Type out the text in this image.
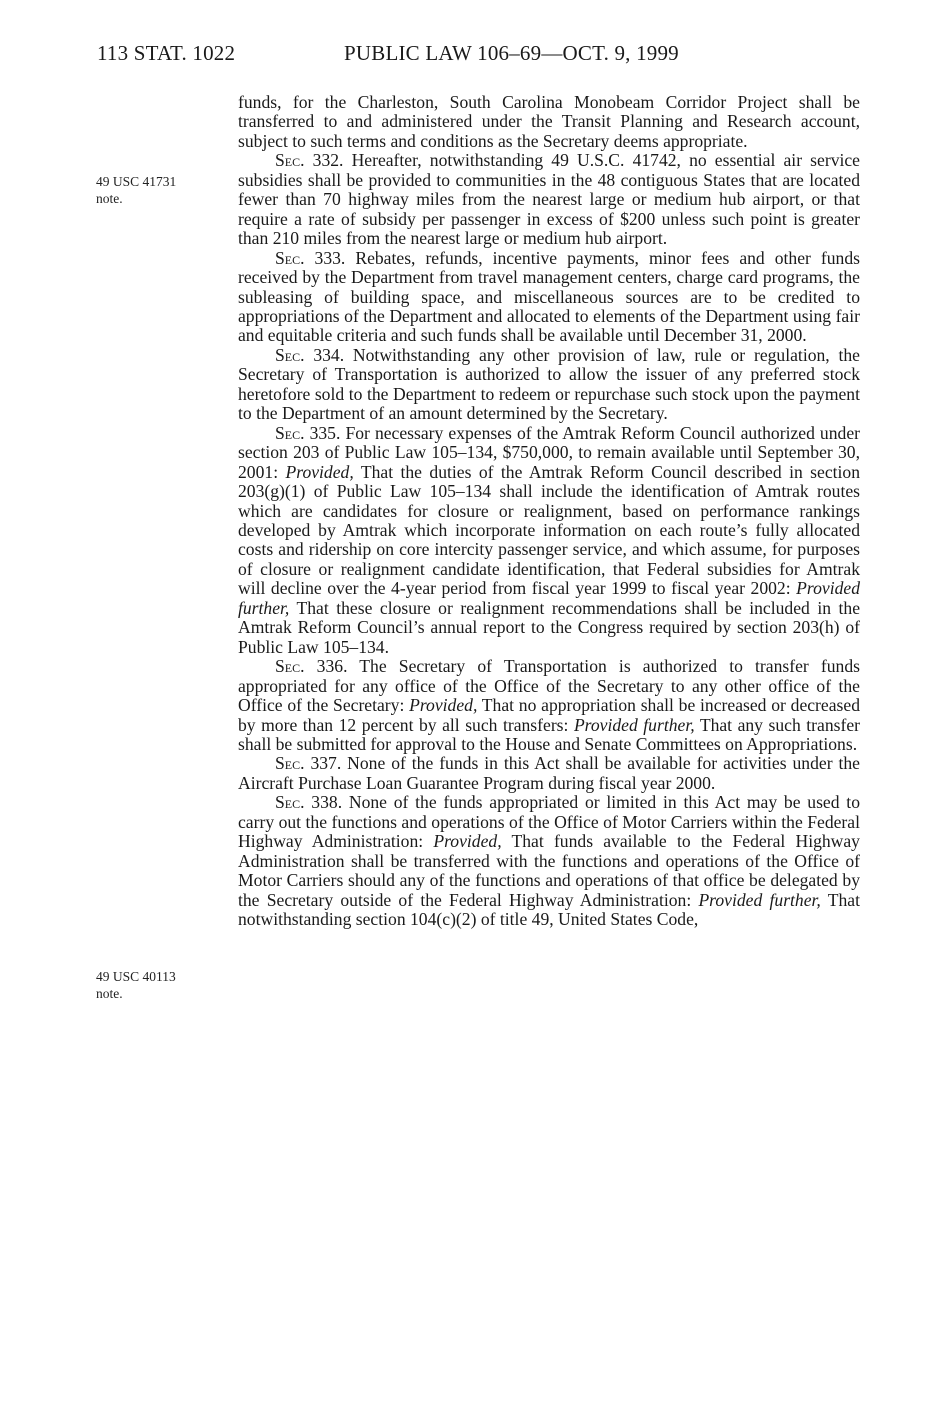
113 STAT. 1022	PUBLIC LAW 106–69—OCT. 9, 1999
49 USC 41731
note.
49 USC 40113
note.

funds, for the Charleston, South Carolina Monobeam Corridor Project shall be transferred to and administered under the Transit Planning and Research account, subject to such terms and conditions as the Secretary deems appropriate.

Sec. 332. Hereafter, notwithstanding 49 U.S.C. 41742, no essential air service subsidies shall be provided to communities in the 48 contiguous States that are located fewer than 70 highway miles from the nearest large or medium hub airport, or that require a rate of subsidy per passenger in excess of $200 unless such point is greater than 210 miles from the nearest large or medium hub airport.

Sec. 333. Rebates, refunds, incentive payments, minor fees and other funds received by the Department from travel management centers, charge card programs, the subleasing of building space, and miscellaneous sources are to be credited to appropriations of the Department and allocated to elements of the Department using fair and equitable criteria and such funds shall be available until December 31, 2000.

Sec. 334. Notwithstanding any other provision of law, rule or regulation, the Secretary of Transportation is authorized to allow the issuer of any preferred stock heretofore sold to the Department to redeem or repurchase such stock upon the payment to the Department of an amount determined by the Secretary.

Sec. 335. For necessary expenses of the Amtrak Reform Council authorized under section 203 of Public Law 105–134, $750,000, to remain available until September 30, 2001: Provided, That the duties of the Amtrak Reform Council described in section 203(g)(1) of Public Law 105–134 shall include the identification of Amtrak routes which are candidates for closure or realignment, based on performance rankings developed by Amtrak which incorporate information on each route’s fully allocated costs and ridership on core intercity passenger service, and which assume, for purposes of closure or realignment candidate identification, that Federal subsidies for Amtrak will decline over the 4-year period from fiscal year 1999 to fiscal year 2002: Provided further, That these closure or realignment recommendations shall be included in the Amtrak Reform Council’s annual report to the Congress required by section 203(h) of Public Law 105–134.

Sec. 336. The Secretary of Transportation is authorized to transfer funds appropriated for any office of the Office of the Secretary to any other office of the Office of the Secretary: Provided, That no appropriation shall be increased or decreased by more than 12 percent by all such transfers: Provided further, That any such transfer shall be submitted for approval to the House and Senate Committees on Appropriations.

Sec. 337. None of the funds in this Act shall be available for activities under the Aircraft Purchase Loan Guarantee Program during fiscal year 2000.

Sec. 338. None of the funds appropriated or limited in this Act may be used to carry out the functions and operations of the Office of Motor Carriers within the Federal Highway Administration: Provided, That funds available to the Federal Highway Administration shall be transferred with the functions and operations of the Office of Motor Carriers should any of the functions and operations of that office be delegated by the Secretary outside of the Federal Highway Administration: Provided further, That notwithstanding section 104(c)(2) of title 49, United States Code,
